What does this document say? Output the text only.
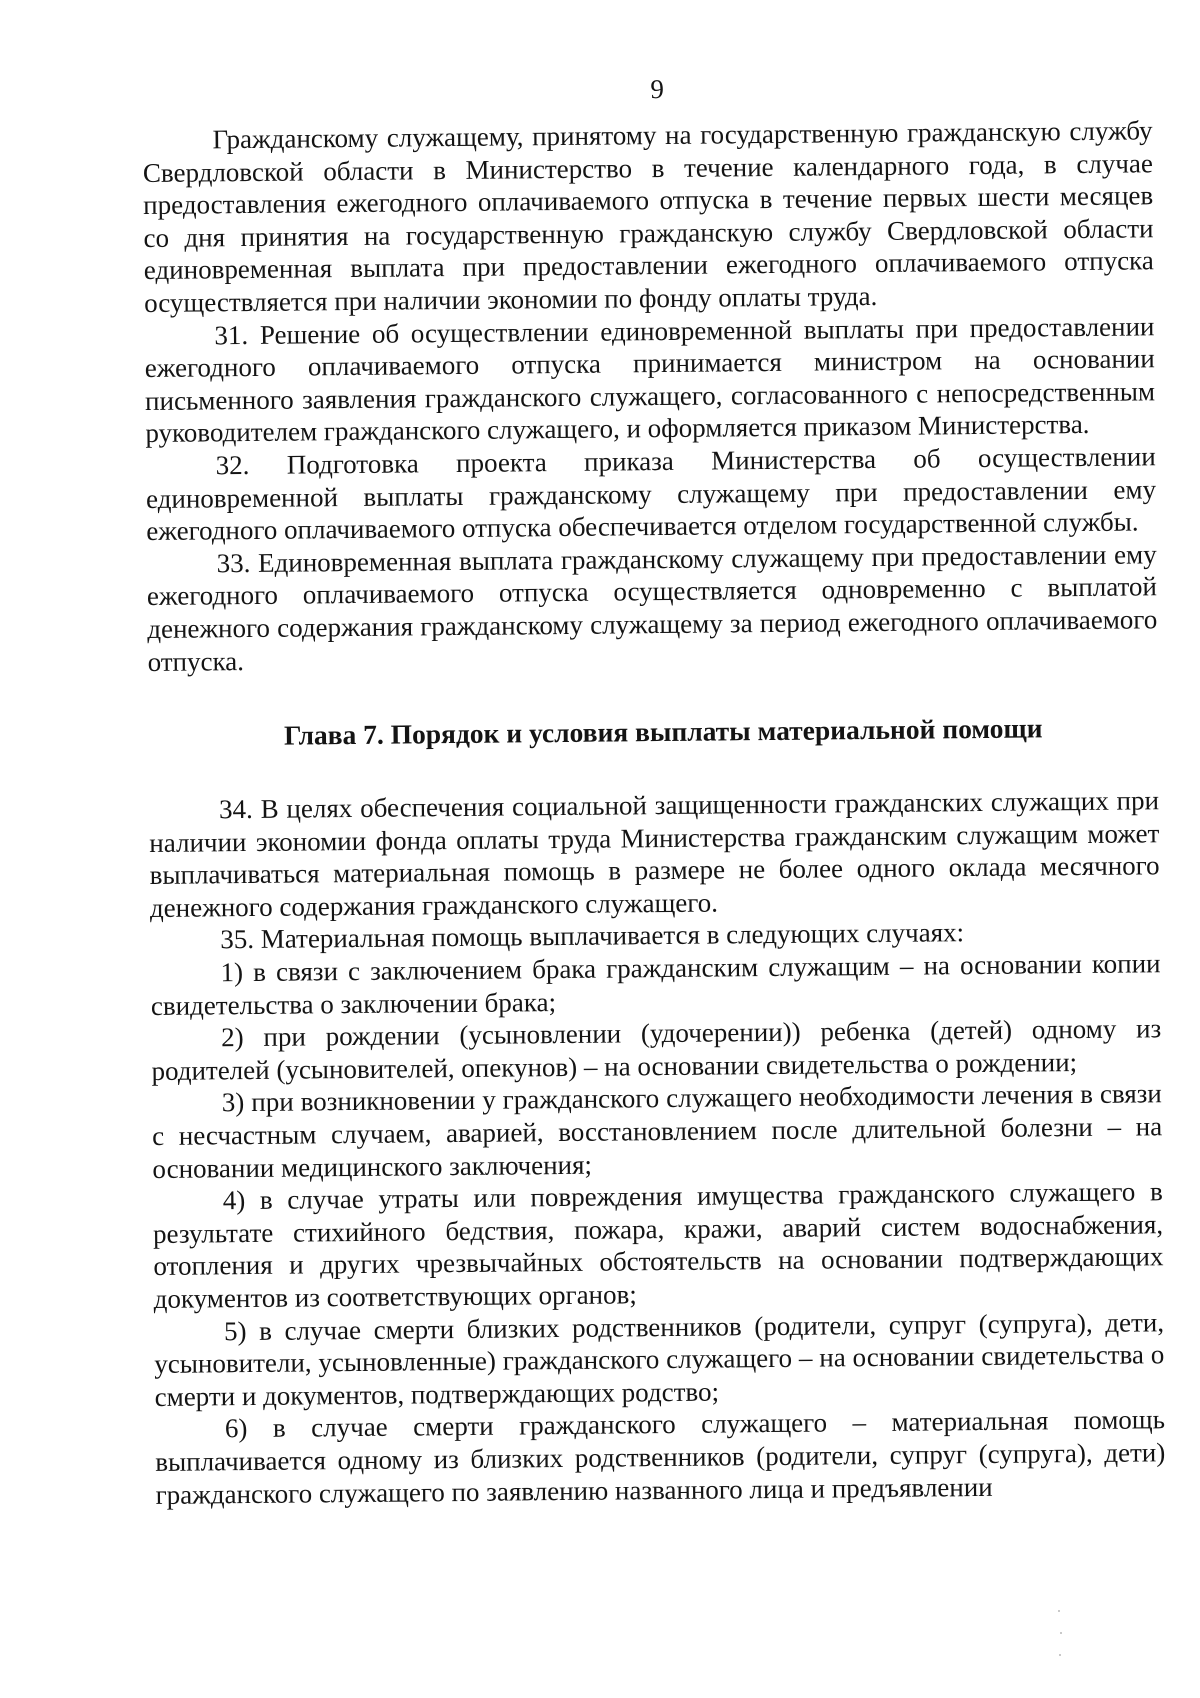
9

Гражданскому служащему, принятому на государственную гражданскую службу Свердловской области в Министерство в течение календарного года, в случае предоставления ежегодного оплачиваемого отпуска в течение первых шести месяцев со дня принятия на государственную гражданскую службу Свердловской области единовременная выплата при предоставлении ежегодного оплачиваемого отпуска осуществляется при наличии экономии по фонду оплаты труда.

31. Решение об осуществлении единовременной выплаты при предоставлении ежегодного оплачиваемого отпуска принимается министром на основании письменного заявления гражданского служащего, согласованного с непосредственным руководителем гражданского служащего, и оформляется приказом Министерства.

32. Подготовка проекта приказа Министерства об осуществлении единовременной выплаты гражданскому служащему при предоставлении ему ежегодного оплачиваемого отпуска обеспечивается отделом государственной службы.

33. Единовременная выплата гражданскому служащему при предоставлении ему ежегодного оплачиваемого отпуска осуществляется одновременно с выплатой денежного содержания гражданскому служащему за период ежегодного оплачиваемого отпуска.

Глава 7. Порядок и условия выплаты материальной помощи

34. В целях обеспечения социальной защищенности гражданских служащих при наличии экономии фонда оплаты труда Министерства гражданским служащим может выплачиваться материальная помощь в размере не более одного оклада месячного денежного содержания гражданского служащего.

35. Материальная помощь выплачивается в следующих случаях:

1) в связи с заключением брака гражданским служащим – на основании копии свидетельства о заключении брака;

2) при рождении (усыновлении (удочерении)) ребенка (детей) одному из родителей (усыновителей, опекунов) – на основании свидетельства о рождении;

3) при возникновении у гражданского служащего необходимости лечения в связи с несчастным случаем, аварией, восстановлением после длительной болезни – на основании медицинского заключения;

4) в случае утраты или повреждения имущества гражданского служащего в результате стихийного бедствия, пожара, кражи, аварий систем водоснабжения, отопления и других чрезвычайных обстоятельств на основании подтверждающих документов из соответствующих органов;

5) в случае смерти близких родственников (родители, супруг (супруга), дети, усыновители, усыновленные) гражданского служащего – на основании свидетельства о смерти и документов, подтверждающих родство;

6) в случае смерти гражданского служащего – материальная помощь выплачивается одному из близких родственников (родители, супруг (супруга), дети) гражданского служащего по заявлению названного лица и предъявлении
